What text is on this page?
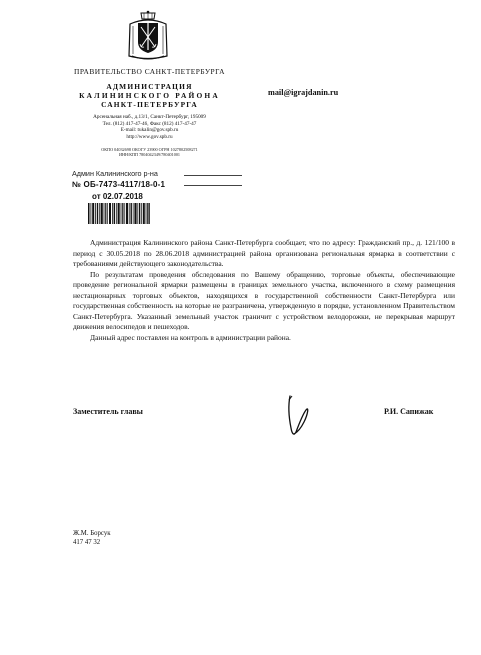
ПРАВИТЕЛЬСТВО САНКТ-ПЕТЕРБУРГА
АДМИНИСТРАЦИЯ
КАЛИНИНСКОГО РАЙОНА
САНКТ-ПЕТЕРБУРГА
Арсенальная наб., д.13/1, Санкт-Петербург, 195009
Тел. (812) 417-47-46, Факс (812) 417-47-47
E-mail: tukalin@gov.spb.ru
http://www.gov.spb.ru
ОКПО 04032698 ОКОГУ 23900 ОГРН 1027802508271
ИНН/КПП 7804042349/780401001
mail@igrajdanin.ru
Админ Калининского р-на
№ ОБ-7473-4117/18-0-1
от 02.07.2018

Администрация Калининского района Санкт-Петербурга сообщает, что по адресу: Гражданский пр., д. 121/100 в период с 30.05.2018 по 28.06.2018 администрацией района организована региональная ярмарка в соответствии с требованиями действующего законодательства.

По результатам проведения обследования по Вашему обращению, торговые объекты, обеспечивающие проведение региональной ярмарки размещены в границах земельного участка, включенного в схему размещения нестационарных торговых объектов, находящихся в государственной собственности Санкт-Петербурга или государственная собственность на которые не разграничена, утвержденную в порядке, установленном Правительством Санкт-Петербурга. Указанный земельный участок граничит с устройством велодорожки, не перекрывая маршрут движения велосипедов и пешеходов.

Данный адрес поставлен на контроль в администрации района.

Заместитель главы	Р.И. Сапижак
Ж.М. Борсук
417 47 32
